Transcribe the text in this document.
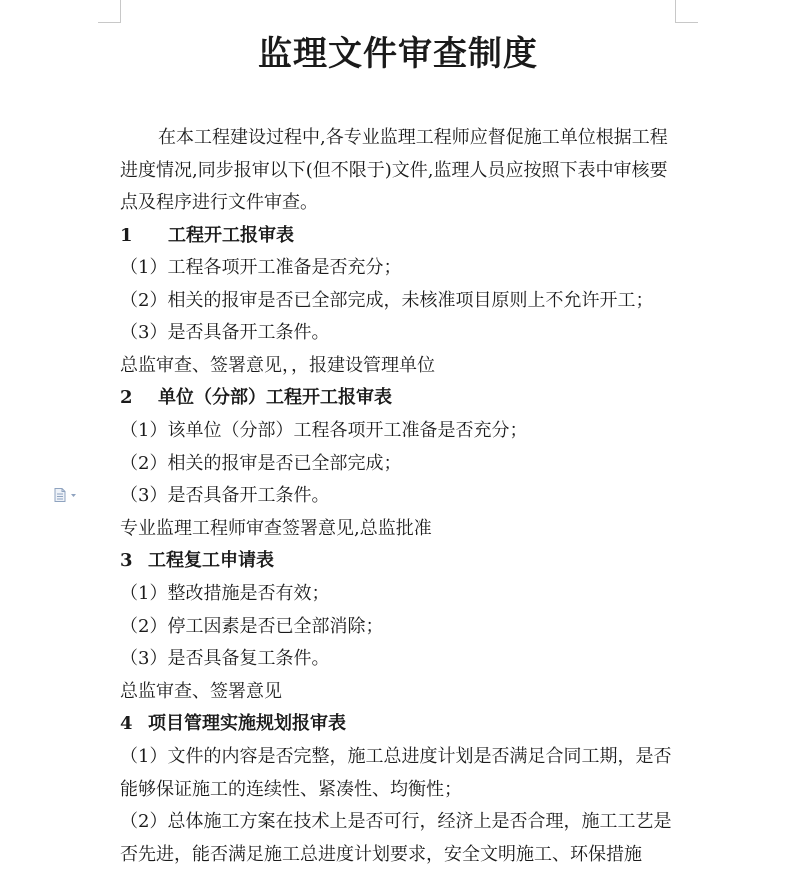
监理文件审查制度

在本工程建设过程中,各专业监理工程师应督促施工单位根据工程进度情况,同步报审以下(但不限于)文件,监理人员应按照下表中审核要点及程序进行文件审查。

1 工程开工报审表
（1）工程各项开工准备是否充分；
（2）相关的报审是否已全部完成，未核准项目原则上不允许开工；
（3）是否具备开工条件。
总监审查、签署意见，，报建设管理单位
2 单位（分部）工程开工报审表
（1）该单位（分部）工程各项开工准备是否充分；
（2）相关的报审是否已全部完成；
（3）是否具备开工条件。
专业监理工程师审查签署意见,总监批准
3 工程复工申请表
（1）整改措施是否有效；
（2）停工因素是否已全部消除；
（3）是否具备复工条件。
总监审查、签署意见
4 项目管理实施规划报审表

（1）文件的内容是否完整，施工总进度计划是否满足合同工期，是否能够保证施工的连续性、紧凑性、均衡性；

（2）总体施工方案在技术上是否可行，经济上是否合理，施工工艺是否先进，能否满足施工总进度计划要求，安全文明施工、环保措施
